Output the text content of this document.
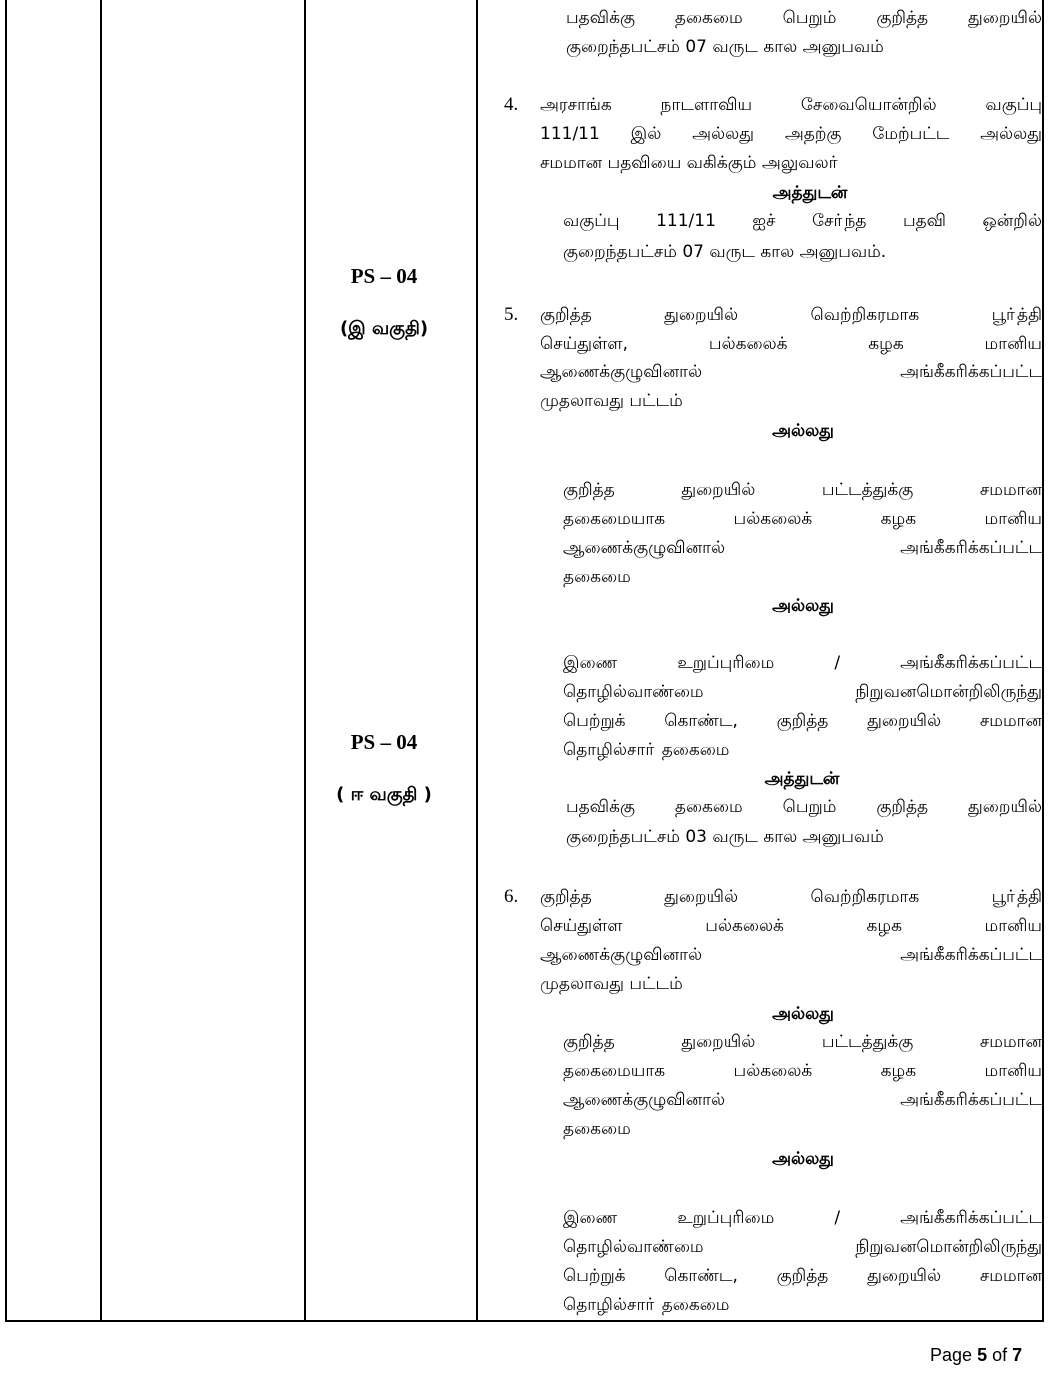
PS – 04
(இ வகுதி)
PS – 04
( ஈ வகுதி )
பதவிக்கு தகைமை பெறும் குறித்த துறையில்
குறைந்தபட்சம் 07 வருட கால அனுபவம்
4. அரசாங்க நாடளாவிய சேவையொன்றில் வகுப்பு
111/11 இல் அல்லது அதற்கு மேற்பட்ட அல்லது
சமமான பதவியை வகிக்கும் அலுவலா்
அத்துடன்
வகுப்பு 111/11 ஐச் சோ்ந்த பதவி ஒன்றில்
குறைந்தபட்சம் 07 வருட கால அனுபவம்.
5. குறித்த துறையில் வெற்றிகரமாக பூா்த்தி
செய்துள்ள, பல்கலைக் கழக மானிய
ஆணைக்குழுவினால் அங்கீகரிக்கப்பட்ட
முதலாவது பட்டம்
அல்லது
குறித்த துறையில் பட்டத்துக்கு சமமான
தகைமையாக பல்கலைக் கழக மானிய
ஆணைக்குழுவினால் அங்கீகரிக்கப்பட்ட
தகைமை
அல்லது
இணை உறுப்புரிமை / அங்கீகரிக்கப்பட்ட
தொழில்வாண்மை நிறுவனமொன்றிலிருந்து
பெற்றுக் கொண்ட, குறித்த துறையில் சமமான
தொழில்சாா் தகைமை
அத்துடன்
பதவிக்கு தகைமை பெறும் குறித்த துறையில்
குறைந்தபட்சம் 03 வருட கால அனுபவம்
6. குறித்த துறையில் வெற்றிகரமாக பூா்த்தி
செய்துள்ள பல்கலைக் கழக மானிய
ஆணைக்குழுவினால் அங்கீகரிக்கப்பட்ட
முதலாவது பட்டம்
அல்லது
குறித்த துறையில் பட்டத்துக்கு சமமான
தகைமையாக பல்கலைக் கழக மானிய
ஆணைக்குழுவினால் அங்கீகரிக்கப்பட்ட
தகைமை
அல்லது
இணை உறுப்புரிமை / அங்கீகரிக்கப்பட்ட
தொழில்வாண்மை நிறுவனமொன்றிலிருந்து
பெற்றுக் கொண்ட, குறித்த துறையில் சமமான
தொழில்சாா் தகைமை
Page 5 of 7
